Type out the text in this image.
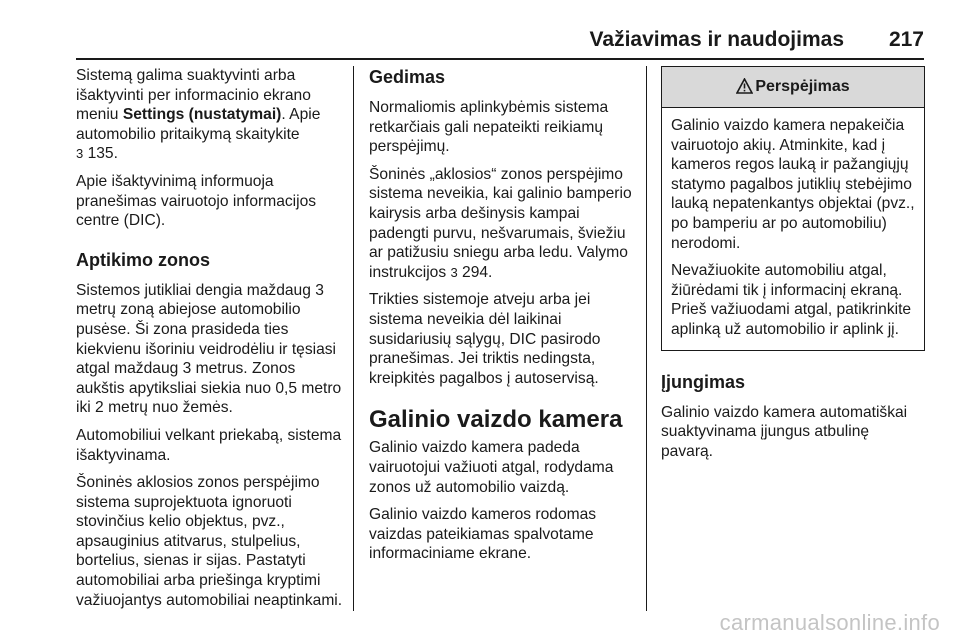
Važiavimas ir naudojimas 217

Sistemą galima suaktyvinti arba išaktyvinti per informacinio ekrano meniu Settings (nustatymai). Apie automobilio pritaikymą skaitykite
3 135.

Apie išaktyvinimą informuoja pranešimas vairuotojo informacijos centre (DIC).

Aptikimo zonos

Sistemos jutikliai dengia maždaug 3 metrų zoną abiejose automobilio pusėse. Ši zona prasideda ties kiekvienu išoriniu veidrodėliu ir tęsiasi atgal maždaug 3 metrus. Zonos aukštis apytiksliai siekia nuo 0,5 metro iki 2 metrų nuo žemės.

Automobiliui velkant priekabą, sistema išaktyvinama.

Šoninės aklosios zonos perspėjimo sistema suprojektuota ignoruoti stovinčius kelio objektus, pvz., apsauginius atitvarus, stulpelius, bortelius, sienas ir sijas. Pastatyti automobiliai arba priešinga kryptimi važiuojantys automobiliai neaptinkami.

Gedimas

Normaliomis aplinkybėmis sistema retkarčiais gali nepateikti reikiamų perspėjimų.

Šoninės „aklosios“ zonos perspėjimo sistema neveikia, kai galinio bamperio kairysis arba dešinysis kampai padengti purvu, nešvarumais, šviežiu ar patižusiu sniegu arba ledu. Valymo instrukcijos 3 294.

Trikties sistemoje atveju arba jei sistema neveikia dėl laikinai susidariusių sąlygų, DIC pasirodo pranešimas. Jei triktis nedingsta, kreipkitės pagalbos į autoservisą.

Galinio vaizdo kamera

Galinio vaizdo kamera padeda vairuotojui važiuoti atgal, rodydama zonos už automobilio vaizdą.

Galinio vaizdo kameros rodomas vaizdas pateikiamas spalvotame informaciniame ekrane.

Perspėjimas

Galinio vaizdo kamera nepakeičia vairuotojo akių. Atminkite, kad į kameros regos lauką ir pažangiųjų statymo pagalbos jutiklių stebėjimo lauką nepatenkantys objektai (pvz., po bamperiu ar po automobiliu) nerodomi.

Nevažiuokite automobiliu atgal, žiūrėdami tik į informacinį ekraną. Prieš važiuodami atgal, patikrinkite aplinką už automobilio ir aplink jį.

Įjungimas

Galinio vaizdo kamera automatiškai suaktyvinama įjungus atbulinę pavarą.

carmanualsonline.info
